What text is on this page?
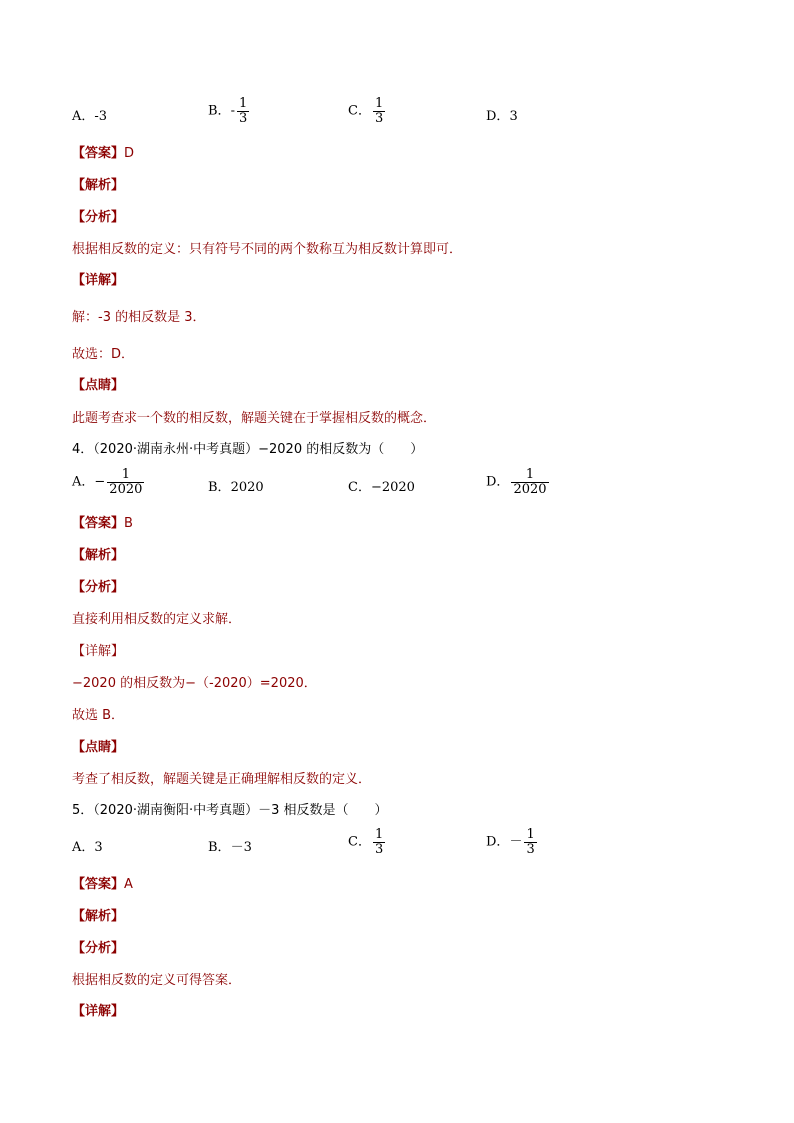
A．-3	B．- $\frac{1}{3}$	C． $\frac{1}{3}$	D．3
【答案】D
【解析】
【分析】
根据相反数的定义：只有符号不同的两个数称互为相反数计算即可．
【详解】
解：-3 的相反数是 3．
故选：D．
【点睛】
此题考查求一个数的相反数，解题关键在于掌握相反数的概念．
4．（2020·湖南永州·中考真题）−2020 的相反数为（　　）
A．− $\frac{1}{2020}$	B．2020	C．−2020	D． $\frac{1}{2020}$
【答案】B
【解析】
【分析】
直接利用相反数的定义求解．
【详解】
−2020 的相反数为−（-2020）=2020．
故选 B．
【点睛】
考查了相反数，解题关键是正确理解相反数的定义．
5．（2020·湖南衡阳·中考真题）－3 相反数是（　　）
A．3	B．－3	C． $\frac{1}{3}$	D．－ $\frac{1}{3}$
【答案】A
【解析】
【分析】
根据相反数的定义可得答案．
【详解】
